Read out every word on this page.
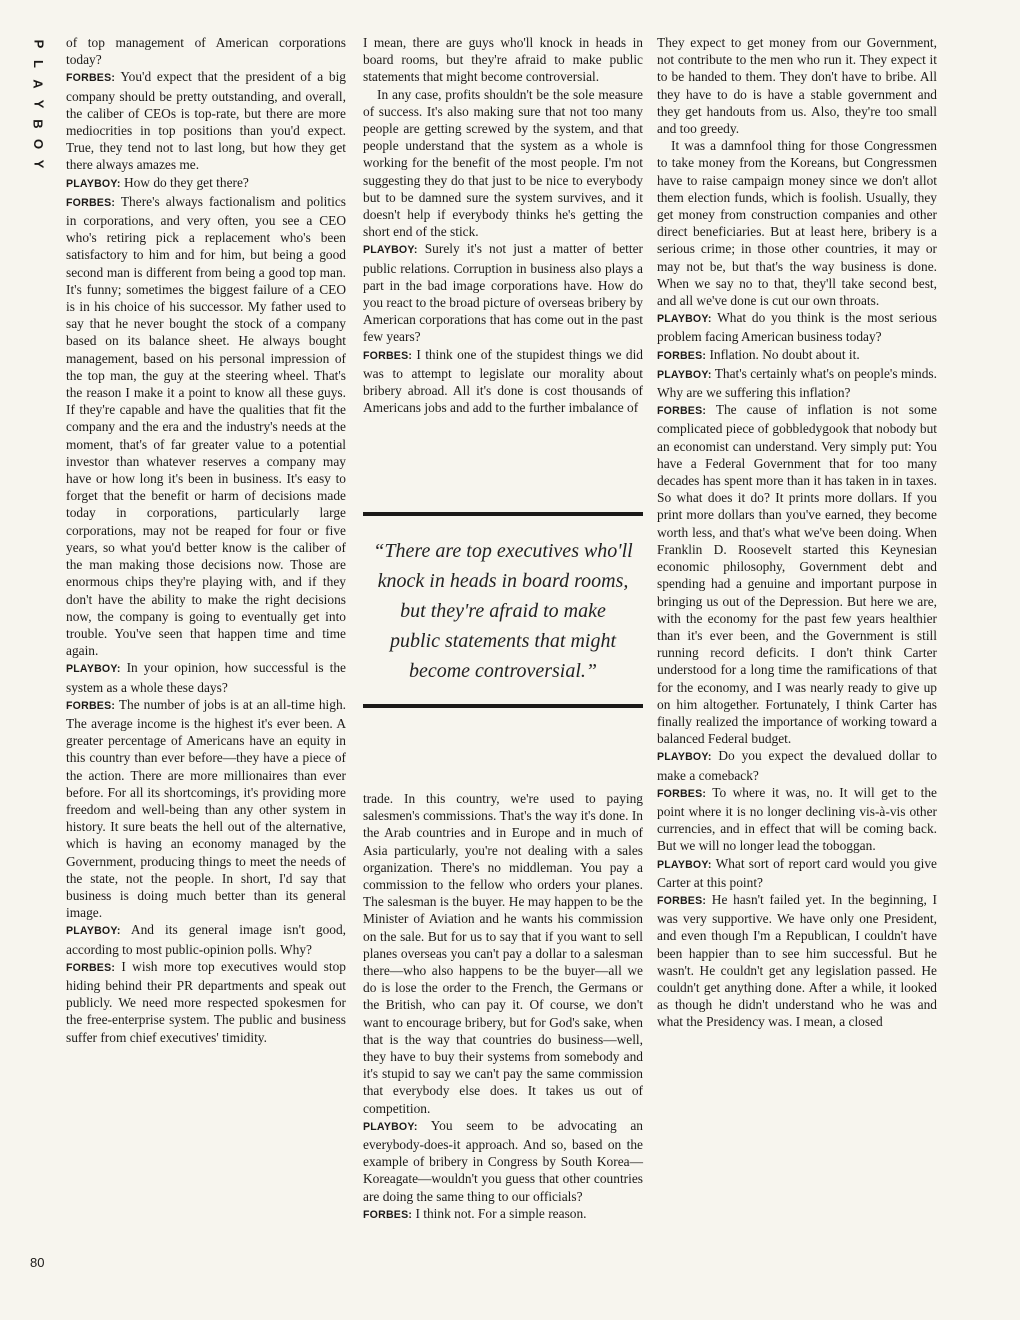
P
L
A
Y
B
O
Y

of top management of American corporations today?

FORBES: You'd expect that the president of a big company should be pretty outstanding, and overall, the caliber of CEOs is top-rate, but there are more mediocrities in top positions than you'd expect. True, they tend not to last long, but how they get there always amazes me.

PLAYBOY: How do they get there?

FORBES: There's always factionalism and politics in corporations, and very often, you see a CEO who's retiring pick a replacement who's been satisfactory to him and for him, but being a good second man is different from being a good top man. It's funny; sometimes the biggest failure of a CEO is in his choice of his successor. My father used to say that he never bought the stock of a company based on its balance sheet. He always bought management, based on his personal impression of the top man, the guy at the steering wheel. That's the reason I make it a point to know all these guys. If they're capable and have the qualities that fit the company and the era and the industry's needs at the moment, that's of far greater value to a potential investor than whatever reserves a company may have or how long it's been in business. It's easy to forget that the benefit or harm of decisions made today in corporations, particularly large corporations, may not be reaped for four or five years, so what you'd better know is the caliber of the man making those decisions now. Those are enormous chips they're playing with, and if they don't have the ability to make the right decisions now, the company is going to eventually get into trouble. You've seen that happen time and time again.

PLAYBOY: In your opinion, how successful is the system as a whole these days?

FORBES: The number of jobs is at an all-time high. The average income is the highest it's ever been. A greater percentage of Americans have an equity in this country than ever before—they have a piece of the action. There are more millionaires than ever before. For all its shortcomings, it's providing more freedom and well-being than any other system in history. It sure beats the hell out of the alternative, which is having an economy managed by the Government, producing things to meet the needs of the state, not the people. In short, I'd say that business is doing much better than its general image.

PLAYBOY: And its general image isn't good, according to most public-opinion polls. Why?

FORBES: I wish more top executives would stop hiding behind their PR departments and speak out publicly. We need more respected spokesmen for the free-enterprise system. The public and business suffer from chief executives' timidity.

I mean, there are guys who'll knock in heads in board rooms, but they're afraid to make public statements that might become controversial.

In any case, profits shouldn't be the sole measure of success. It's also making sure that not too many people are getting screwed by the system, and that people understand that the system as a whole is working for the benefit of the most people. I'm not suggesting they do that just to be nice to everybody but to be damned sure the system survives, and it doesn't help if everybody thinks he's getting the short end of the stick.

PLAYBOY: Surely it's not just a matter of better public relations. Corruption in business also plays a part in the bad image corporations have. How do you react to the broad picture of overseas bribery by American corporations that has come out in the past few years?

FORBES: I think one of the stupidest things we did was to attempt to legislate our morality about bribery abroad. All it's done is cost thousands of Americans jobs and add to the further imbalance of

“There are top executives who'll knock in heads in board rooms, but they're afraid to make public statements that might become controversial.”

trade. In this country, we're used to paying salesmen's commissions. That's the way it's done. In the Arab countries and in Europe and in much of Asia particularly, you're not dealing with a sales organization. There's no middleman. You pay a commission to the fellow who orders your planes. The salesman is the buyer. He may happen to be the Minister of Aviation and he wants his commission on the sale. But for us to say that if you want to sell planes overseas you can't pay a dollar to a salesman there—who also happens to be the buyer—all we do is lose the order to the French, the Germans or the British, who can pay it. Of course, we don't want to encourage bribery, but for God's sake, when that is the way that countries do business—well, they have to buy their systems from somebody and it's stupid to say we can't pay the same commission that everybody else does. It takes us out of competition.

PLAYBOY: You seem to be advocating an everybody-does-it approach. And so, based on the example of bribery in Congress by South Korea—Koreagate—wouldn't you guess that other countries are doing the same thing to our officials?

FORBES: I think not. For a simple reason.

They expect to get money from our Government, not contribute to the men who run it. They expect it to be handed to them. They don't have to bribe. All they have to do is have a stable government and they get handouts from us. Also, they're too small and too greedy.

It was a damnfool thing for those Congressmen to take money from the Koreans, but Congressmen have to raise campaign money since we don't allot them election funds, which is foolish. Usually, they get money from construction companies and other direct beneficiaries. But at least here, bribery is a serious crime; in those other countries, it may or may not be, but that's the way business is done. When we say no to that, they'll take second best, and all we've done is cut our own throats.

PLAYBOY: What do you think is the most serious problem facing American business today?

FORBES: Inflation. No doubt about it.

PLAYBOY: That's certainly what's on people's minds. Why are we suffering this inflation?

FORBES: The cause of inflation is not some complicated piece of gobbledygook that nobody but an economist can understand. Very simply put: You have a Federal Government that for too many decades has spent more than it has taken in in taxes. So what does it do? It prints more dollars. If you print more dollars than you've earned, they become worth less, and that's what we've been doing. When Franklin D. Roosevelt started this Keynesian economic philosophy, Government debt and spending had a genuine and important purpose in bringing us out of the Depression. But here we are, with the economy for the past few years healthier than it's ever been, and the Government is still running record deficits. I don't think Carter understood for a long time the ramifications of that for the economy, and I was nearly ready to give up on him altogether. Fortunately, I think Carter has finally realized the importance of working toward a balanced Federal budget.

PLAYBOY: Do you expect the devalued dollar to make a comeback?

FORBES: To where it was, no. It will get to the point where it is no longer declining vis-à-vis other currencies, and in effect that will be coming back. But we will no longer lead the toboggan.

PLAYBOY: What sort of report card would you give Carter at this point?

FORBES: He hasn't failed yet. In the beginning, I was very supportive. We have only one President, and even though I'm a Republican, I couldn't have been happier than to see him successful. But he wasn't. He couldn't get any legislation passed. He couldn't get anything done. After a while, it looked as though he didn't understand who he was and what the Presidency was. I mean, a closed

80
